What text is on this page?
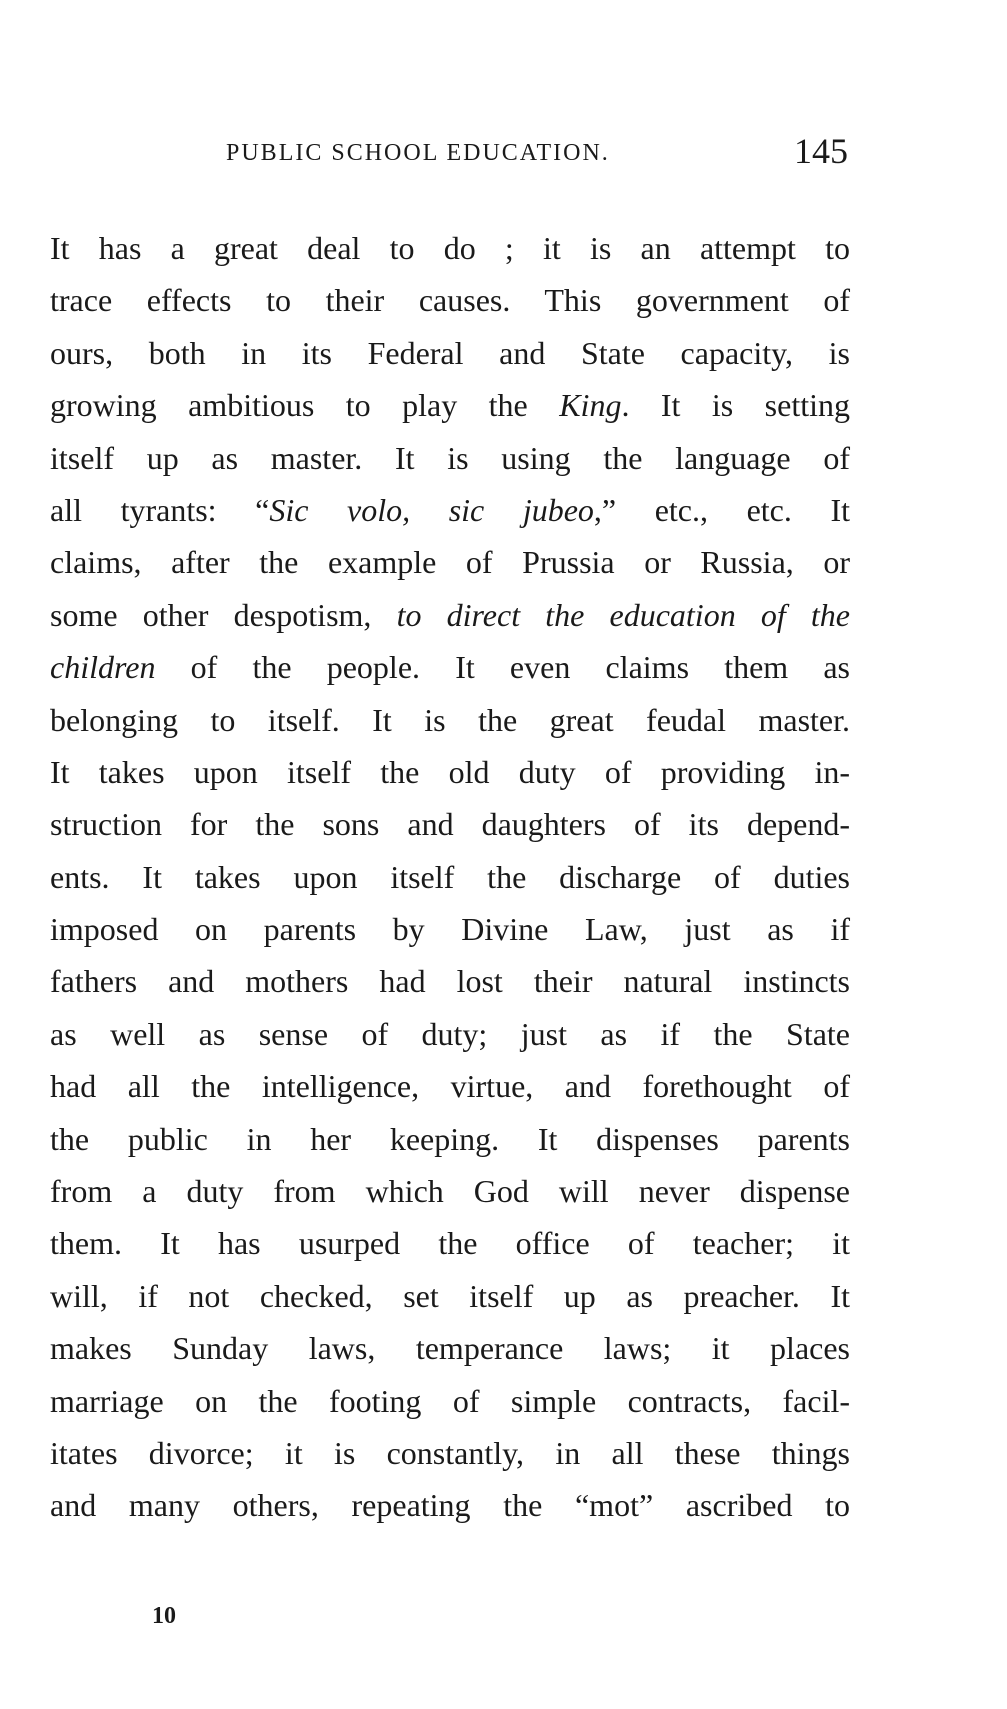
PUBLIC SCHOOL EDUCATION.	145
It has a great deal to do ; it is an attempt to
trace effects to their causes. This government of
ours, both in its Federal and State capacity, is
growing ambitious to play the King. It is setting
itself up as master. It is using the language of
all tyrants: “Sic volo, sic jubeo,” etc., etc. It
claims, after the example of Prussia or Russia, or
some other despotism, to direct the education of the
children of the people. It even claims them as
belonging to itself. It is the great feudal master.
It takes upon itself the old duty of providing in-
struction for the sons and daughters of its depend-
ents. It takes upon itself the discharge of duties
imposed on parents by Divine Law, just as if
fathers and mothers had lost their natural instincts
as well as sense of duty; just as if the State
had all the intelligence, virtue, and forethought of
the public in her keeping. It dispenses parents
from a duty from which God will never dispense
them. It has usurped the office of teacher; it
will, if not checked, set itself up as preacher. It
makes Sunday laws, temperance laws; it places
marriage on the footing of simple contracts, facil-
itates divorce; it is constantly, in all these things
and many others, repeating the “mot” ascribed to
10
